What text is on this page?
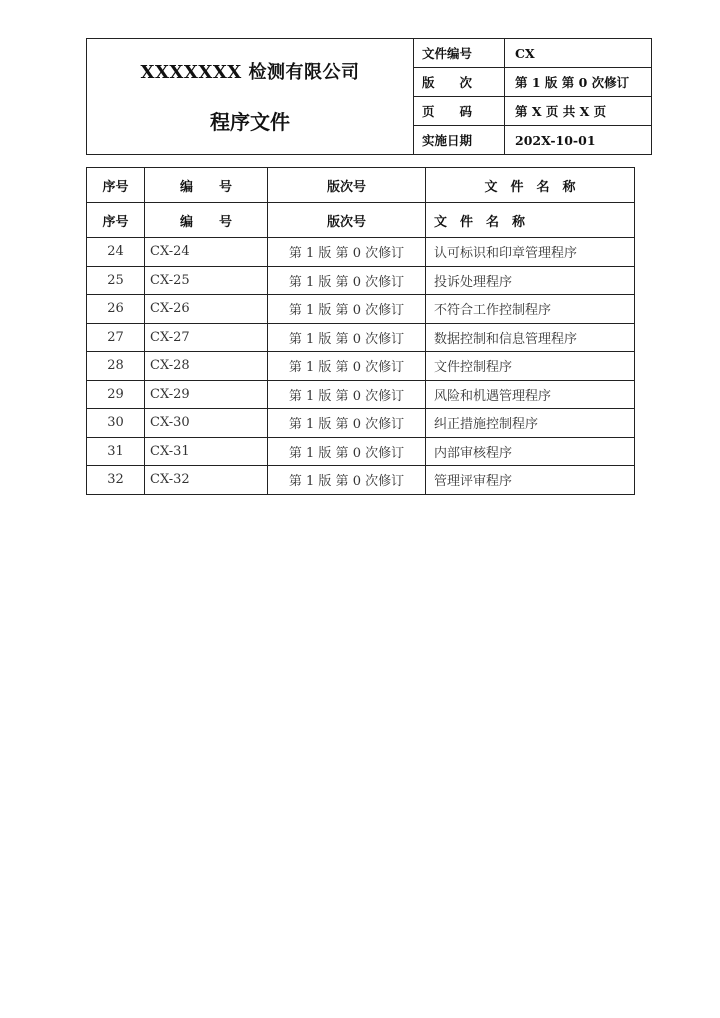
XXXXXXX 检测有限公司
程序文件	文件编号	CX
	版　　次	第 1 版 第 0 次修订
	页　　码	第 X 页 共 X 页
	实施日期	202X-10-01
序号	编　　号	版次号	文　件　名　称
序号	编　　号	版次号	文　件　名　称
24	CX-24	第 1 版 第 0 次修订	认可标识和印章管理程序
25	CX-25	第 1 版 第 0 次修订	投诉处理程序
26	CX-26	第 1 版 第 0 次修订	不符合工作控制程序
27	CX-27	第 1 版 第 0 次修订	数据控制和信息管理程序
28	CX-28	第 1 版 第 0 次修订	文件控制程序
29	CX-29	第 1 版 第 0 次修订	风险和机遇管理程序
30	CX-30	第 1 版 第 0 次修订	纠正措施控制程序
31	CX-31	第 1 版 第 0 次修订	内部审核程序
32	CX-32	第 1 版 第 0 次修订	管理评审程序
